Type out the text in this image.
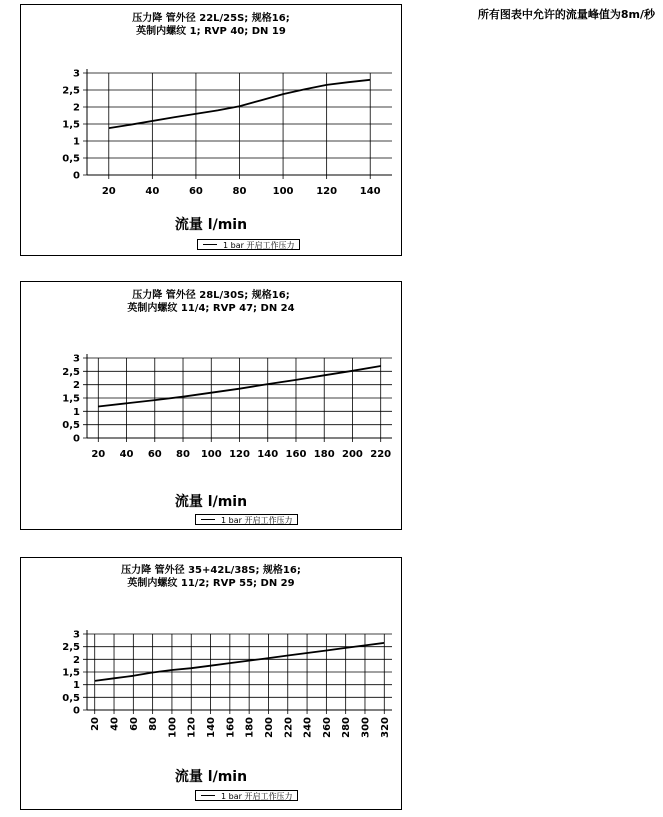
所有图表中允许的流量峰值为8m/秒
压力降 管外径 22L/25S; 规格16;
英制内螺纹 1; RVP 40; DN 19
0
0,5
1
1,5
2
2,5
3
20	40	60	80	100 120 140
流量 l/min
1 bar 开启工作压力
压力降 管外径 28L/30S; 规格16;
英制内螺纹 11/4; RVP 47; DN 24
0
0,5
1
1,5
2
2,5
3
20 40 60 80 100 120 140 160 180 200 220
流量 l/min
1 bar 开启工作压力
压力降 管外径 35+42L/38S; 规格16;
英制内螺纹 11/2; RVP 55; DN 29
0
0,5
1
1,5
2
2,5
3
20 40 60 80 100 120 140 160 180 200 220 240 260 280 300 320
流量 l/min
1 bar 开启工作压力
